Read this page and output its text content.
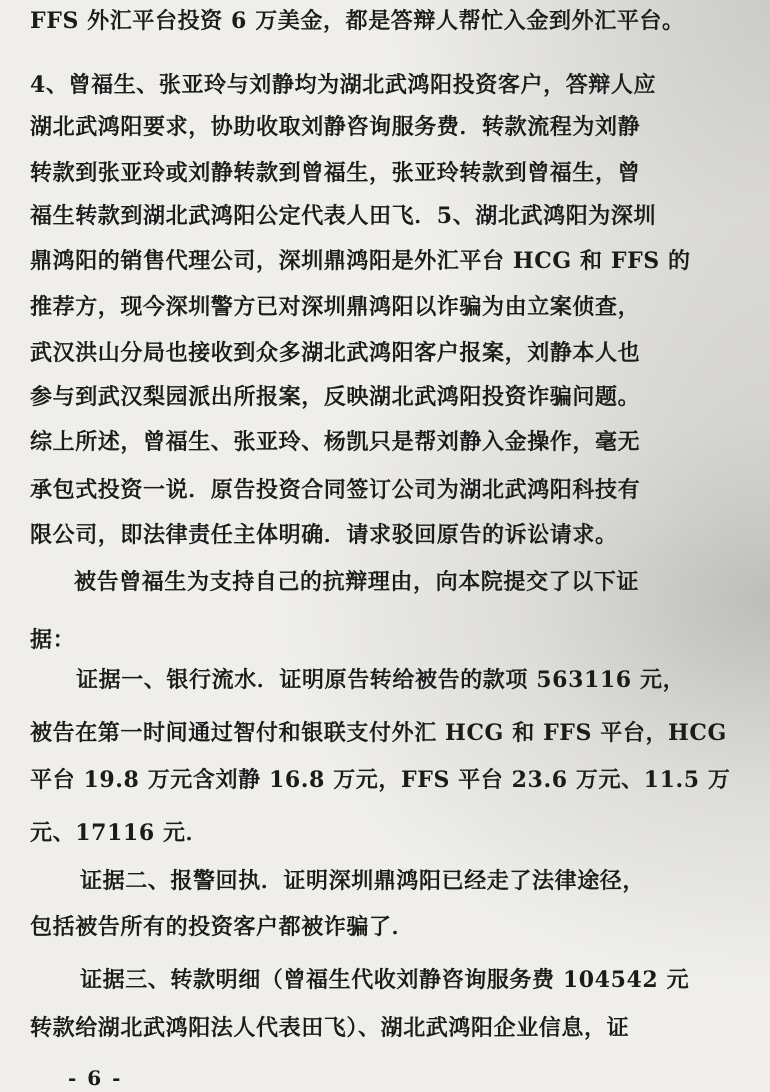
FFS 外汇平台投资 6 万美金，都是答辩人帮忙入金到外汇平台。
4、曾福生、张亚玲与刘静均为湖北武鸿阳投资客户，答辩人应
湖北武鸿阳要求，协助收取刘静咨询服务费．转款流程为刘静
转款到张亚玲或刘静转款到曾福生，张亚玲转款到曾福生，曾
福生转款到湖北武鸿阳公定代表人田飞．5、湖北武鸿阳为深圳
鼎鸿阳的销售代理公司，深圳鼎鸿阳是外汇平台 HCG 和 FFS 的
推荐方，现今深圳警方已对深圳鼎鸿阳以诈骗为由立案侦查，
武汉洪山分局也接收到众多湖北武鸿阳客户报案，刘静本人也
参与到武汉梨园派出所报案，反映湖北武鸿阳投资诈骗问题。
综上所述，曾福生、张亚玲、杨凯只是帮刘静入金操作，毫无
承包式投资一说．原告投资合同签订公司为湖北武鸿阳科技有
限公司，即法律责任主体明确．请求驳回原告的诉讼请求。
被告曾福生为支持自己的抗辩理由，向本院提交了以下证
据：
证据一、银行流水．证明原告转给被告的款项 563116 元，
被告在第一时间通过智付和银联支付外汇 HCG 和 FFS 平台，HCG
平台 19.8 万元含刘静 16.8 万元，FFS 平台 23.6 万元、11.5 万
元、17116 元．
证据二、报警回执．证明深圳鼎鸿阳已经走了法律途径，
包括被告所有的投资客户都被诈骗了．
证据三、转款明细（曾福生代收刘静咨询服务费 104542 元
转款给湖北武鸿阳法人代表田飞）、湖北武鸿阳企业信息，证
- 6 -
